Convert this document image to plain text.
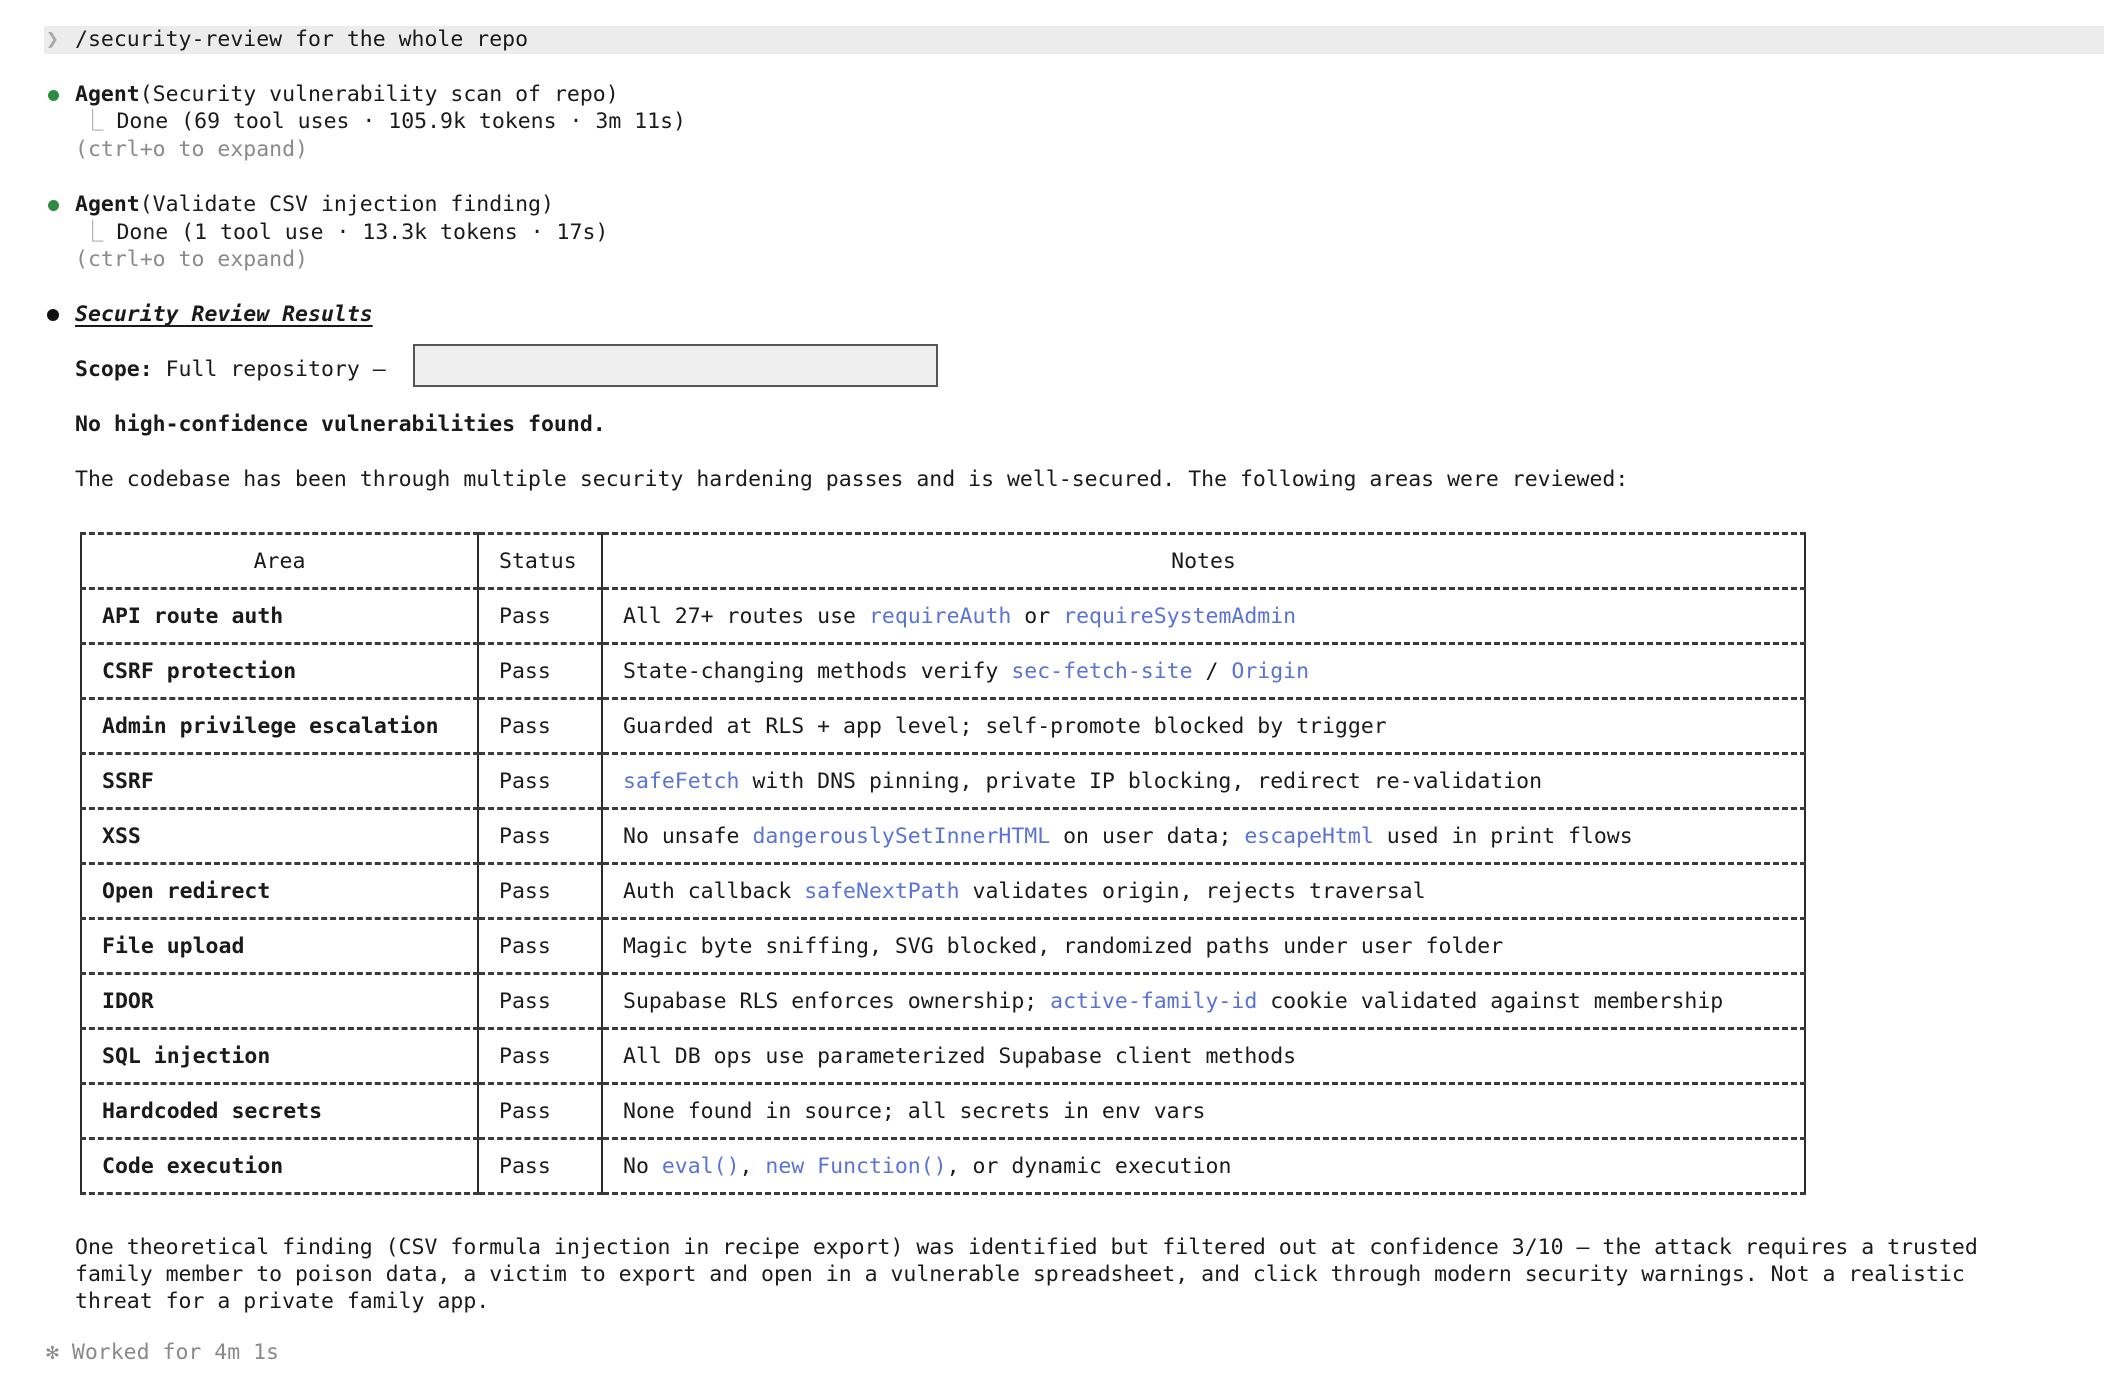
❯ /security-review for the whole repo
Agent(Security vulnerability scan of repo)
⎿ Done (69 tool uses · 105.9k tokens · 3m 11s)
(ctrl+o to expand)
Agent(Validate CSV injection finding)
⎿ Done (1 tool use · 13.3k tokens · 17s)
(ctrl+o to expand)
Security Review Results
Scope: Full repository —
No high-confidence vulnerabilities found.
The codebase has been through multiple security hardening passes and is well-secured. The following areas were reviewed:
Area	Status	Notes
API route auth	Pass	All 27+ routes use requireAuth or requireSystemAdmin
CSRF protection	Pass	State-changing methods verify sec-fetch-site / Origin
Admin privilege escalation	Pass	Guarded at RLS + app level; self-promote blocked by trigger
SSRF	Pass	safeFetch with DNS pinning, private IP blocking, redirect re-validation
XSS	Pass	No unsafe dangerouslySetInnerHTML on user data; escapeHtml used in print flows
Open redirect	Pass	Auth callback safeNextPath validates origin, rejects traversal
File upload	Pass	Magic byte sniffing, SVG blocked, randomized paths under user folder
IDOR	Pass	Supabase RLS enforces ownership; active-family-id cookie validated against membership
SQL injection	Pass	All DB ops use parameterized Supabase client methods
Hardcoded secrets	Pass	None found in source; all secrets in env vars
Code execution	Pass	No eval(), new Function(), or dynamic execution
One theoretical finding (CSV formula injection in recipe export) was identified but filtered out at confidence 3/10 — the attack requires a trusted
family member to poison data, a victim to export and open in a vulnerable spreadsheet, and click through modern security warnings. Not a realistic
threat for a private family app.
✻ Worked for 4m 1s
